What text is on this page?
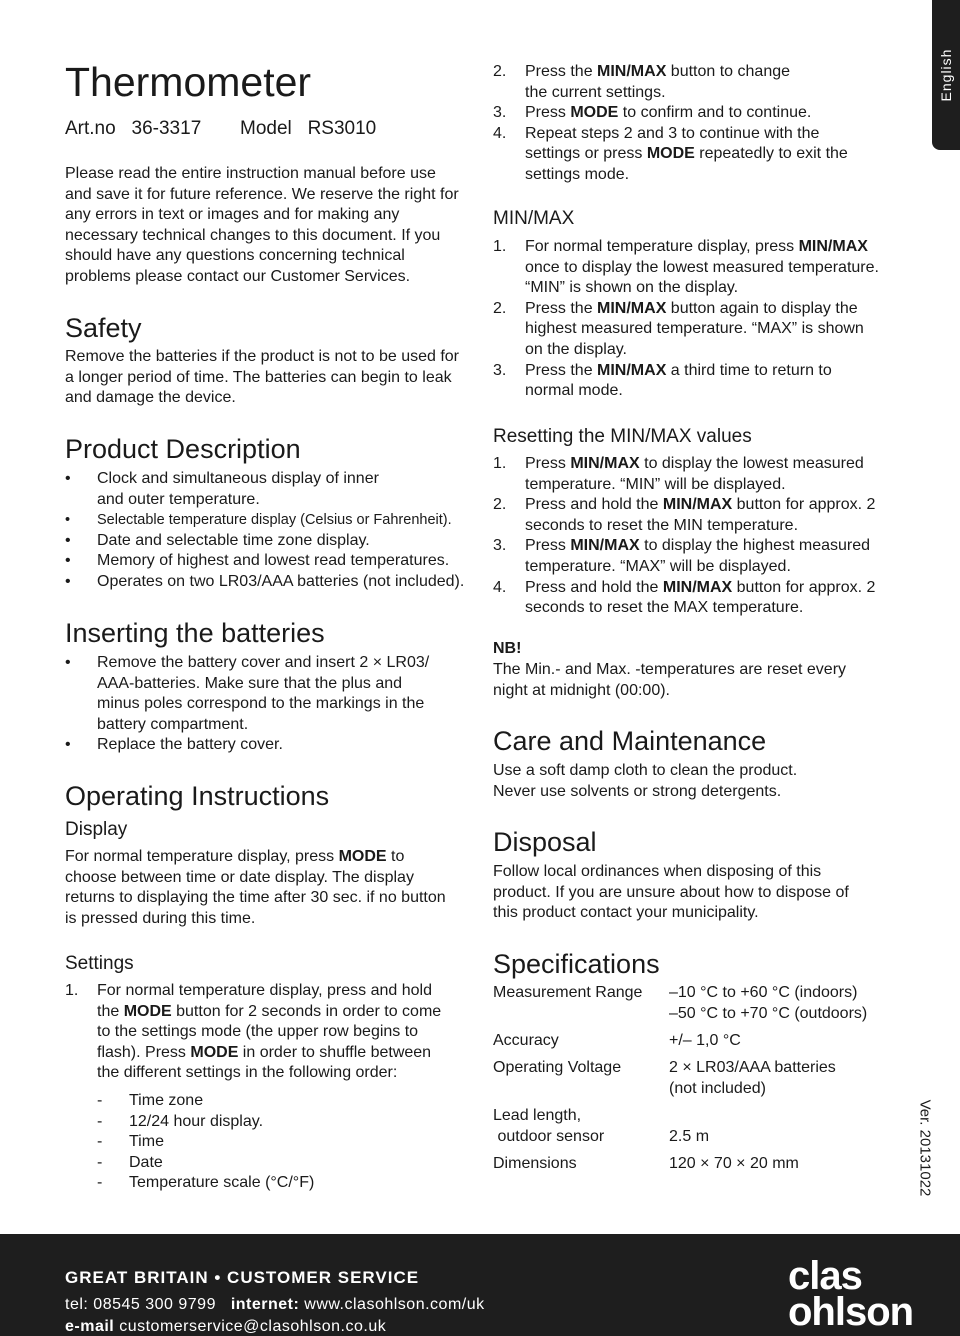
English
Thermometer
Art.no   36-3317 Model   RS3010

Please read the entire instruction manual before use and save it for future reference. We reserve the right for any errors in text or images and for making any necessary technical changes to this document. If you should have any questions concerning technical problems please contact our Customer Services.

Safety

Remove the batteries if the product is not to be used for a longer period of time. The batteries can begin to leak and damage the device.

Product Description
• Clock and simultaneous display of inner and outer temperature.
• Selectable temperature display (Celsius or Fahrenheit).
• Date and selectable time zone display.
• Memory of highest and lowest read temperatures.
• Operates on two LR03/AAA batteries (not included).
Inserting the batteries
• Remove the battery cover and insert 2 × LR03/ AAA-batteries. Make sure that the plus and minus poles correspond to the markings in the battery compartment.
• Replace the battery cover.
Operating Instructions
Display

For normal temperature display, press MODE to choose between time or date display. The display returns to displaying the time after 30 sec. if no button is pressed during this time.

Settings
1. For normal temperature display, press and hold the MODE button for 2 seconds in order to come to the settings mode (the upper row begins to flash). Press MODE in order to shuffle between the different settings in the following order:
- Time zone
- 12/24 hour display.
- Time
- Date
- Temperature scale (°C/°F)
2. Press the MIN/MAX button to change the current settings.
3. Press MODE to confirm and to continue.
4. Repeat steps 2 and 3 to continue with the settings or press MODE repeatedly to exit the settings mode.
MIN/MAX
1. For normal temperature display, press MIN/MAX once to display the lowest measured temperature. “MIN” is shown on the display.
2. Press the MIN/MAX button again to display the highest measured temperature. “MAX” is shown on the display.
3. Press the MIN/MAX a third time to return to normal mode.
Resetting the MIN/MAX values
1. Press MIN/MAX to display the lowest measured temperature. “MIN” will be displayed.
2. Press and hold the MIN/MAX button for approx. 2 seconds to reset the MIN temperature.
3. Press MIN/MAX to display the highest measured temperature. “MAX” will be displayed.
4. Press and hold the MIN/MAX button for approx. 2 seconds to reset the MAX temperature.
NB!

The Min.- and Max. -temperatures are reset every night at midnight (00:00).

Care and Maintenance

Use a soft damp cloth to clean the product. Never use solvents or strong detergents.

Disposal

Follow local ordinances when disposing of this product. If you are unsure about how to dispose of this product contact your municipality.

Specifications
Measurement Range –10 °C to +60 °C (indoors)
–50 °C to +70 °C (outdoors)
Accuracy	+/– 1,0 °C
Operating Voltage	2 × LR03/AAA batteries
(not included)
Lead length,
outdoor sensor	2.5 m
Dimensions	120 × 70 × 20 mm	Ver. 20131022
GREAT BRITAIN • CUSTOMER SERVICE
tel: 08545 300 9799 internet: www.clasohlson.com/uk
e-mail customerservice@clasohlson.co.uk
clas
ohlson
